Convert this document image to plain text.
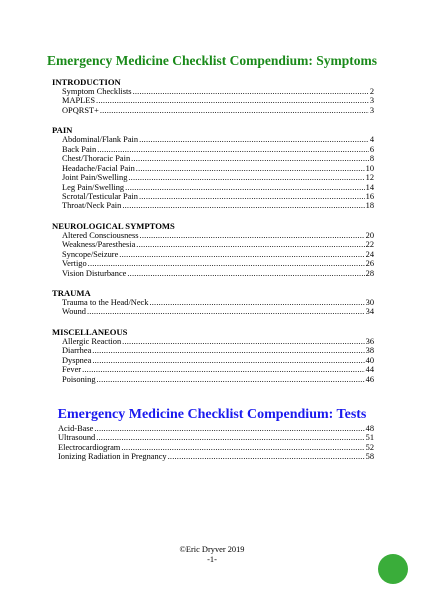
Emergency Medicine Checklist Compendium: Symptoms
INTRODUCTION
Symptom Checklists .....	2
MAPLES .....	3
OPQRST+ .....	3
PAIN
Abdominal/Flank Pain .....	4
Back Pain .....	6
Chest/Thoracic Pain .....	8
Headache/Facial Pain .....	10
Joint Pain/Swelling .....	12
Leg Pain/Swelling .....	14
Scrotal/Testicular Pain .....	16
Throat/Neck Pain .....	18
NEUROLOGICAL SYMPTOMS
Altered Consciousness .....	20
Weakness/Paresthesia .....	22
Syncope/Seizure .....	24
Vertigo .....	26
Vision Disturbance .....	28
TRAUMA
Trauma to the Head/Neck .....	30
Wound .....	34
MISCELLANEOUS
Allergic Reaction .....	36
Diarrhea .....	38
Dyspnea .....	40
Fever .....	44
Poisoning .....	46
Emergency Medicine Checklist Compendium: Tests
Acid-Base .....	48
Ultrasound .....	51
Electrocardiogram .....	52
Ionizing Radiation in Pregnancy .....	58
©Eric Dryver 2019
-1-
